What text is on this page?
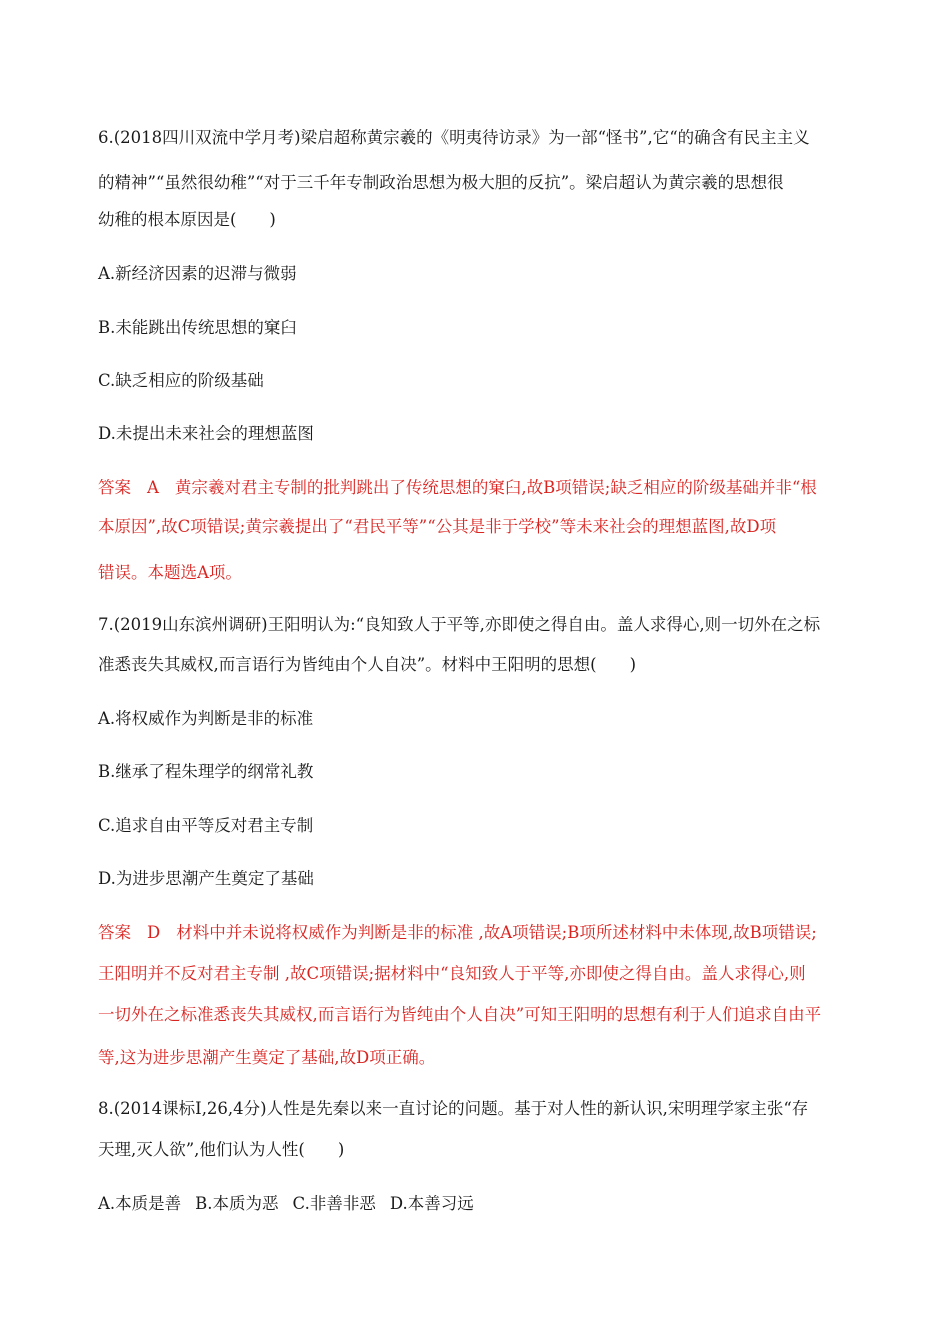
6.(2018四川双流中学月考)梁启超称黄宗羲的《明夷待访录》为一部“怪书”,它“的确含有民主主义
的精神”“虽然很幼稚”“对于三千年专制政治思想为极大胆的反抗”。梁启超认为黄宗羲的思想很
幼稚的根本原因是(　　)
A.新经济因素的迟滞与微弱
B.未能跳出传统思想的窠臼
C.缺乏相应的阶级基础
D.未提出未来社会的理想蓝图
答案 A 黄宗羲对君主专制的批判跳出了传统思想的窠臼,故B项错误;缺乏相应的阶级基础并非“根
本原因”,故C项错误;黄宗羲提出了“君民平等”“公其是非于学校”等未来社会的理想蓝图,故D项
错误。本题选A项。
7.(2019山东滨州调研)王阳明认为:“良知致人于平等,亦即使之得自由。盖人求得心,则一切外在之标
准悉丧失其威权,而言语行为皆纯由个人自决”。材料中王阳明的思想(　　)
A.将权威作为判断是非的标准
B.继承了程朱理学的纲常礼教
C.追求自由平等反对君主专制
D.为进步思潮产生奠定了基础
答案 D 材料中并未说将权威作为判断是非的标准 ,故A项错误;B项所述材料中未体现,故B项错误;
王阳明并不反对君主专制 ,故C项错误;据材料中“良知致人于平等,亦即使之得自由。盖人求得心,则
一切外在之标准悉丧失其威权,而言语行为皆纯由个人自决”可知王阳明的思想有利于人们追求自由平
等,这为进步思潮产生奠定了基础,故D项正确。
8.(2014课标Ⅰ,26,4分)人性是先秦以来一直讨论的问题。基于对人性的新认识,宋明理学家主张“存
天理,灭人欲”,他们认为人性(　　)
A.本质是善 B.本质为恶 C.非善非恶 D.本善习远
